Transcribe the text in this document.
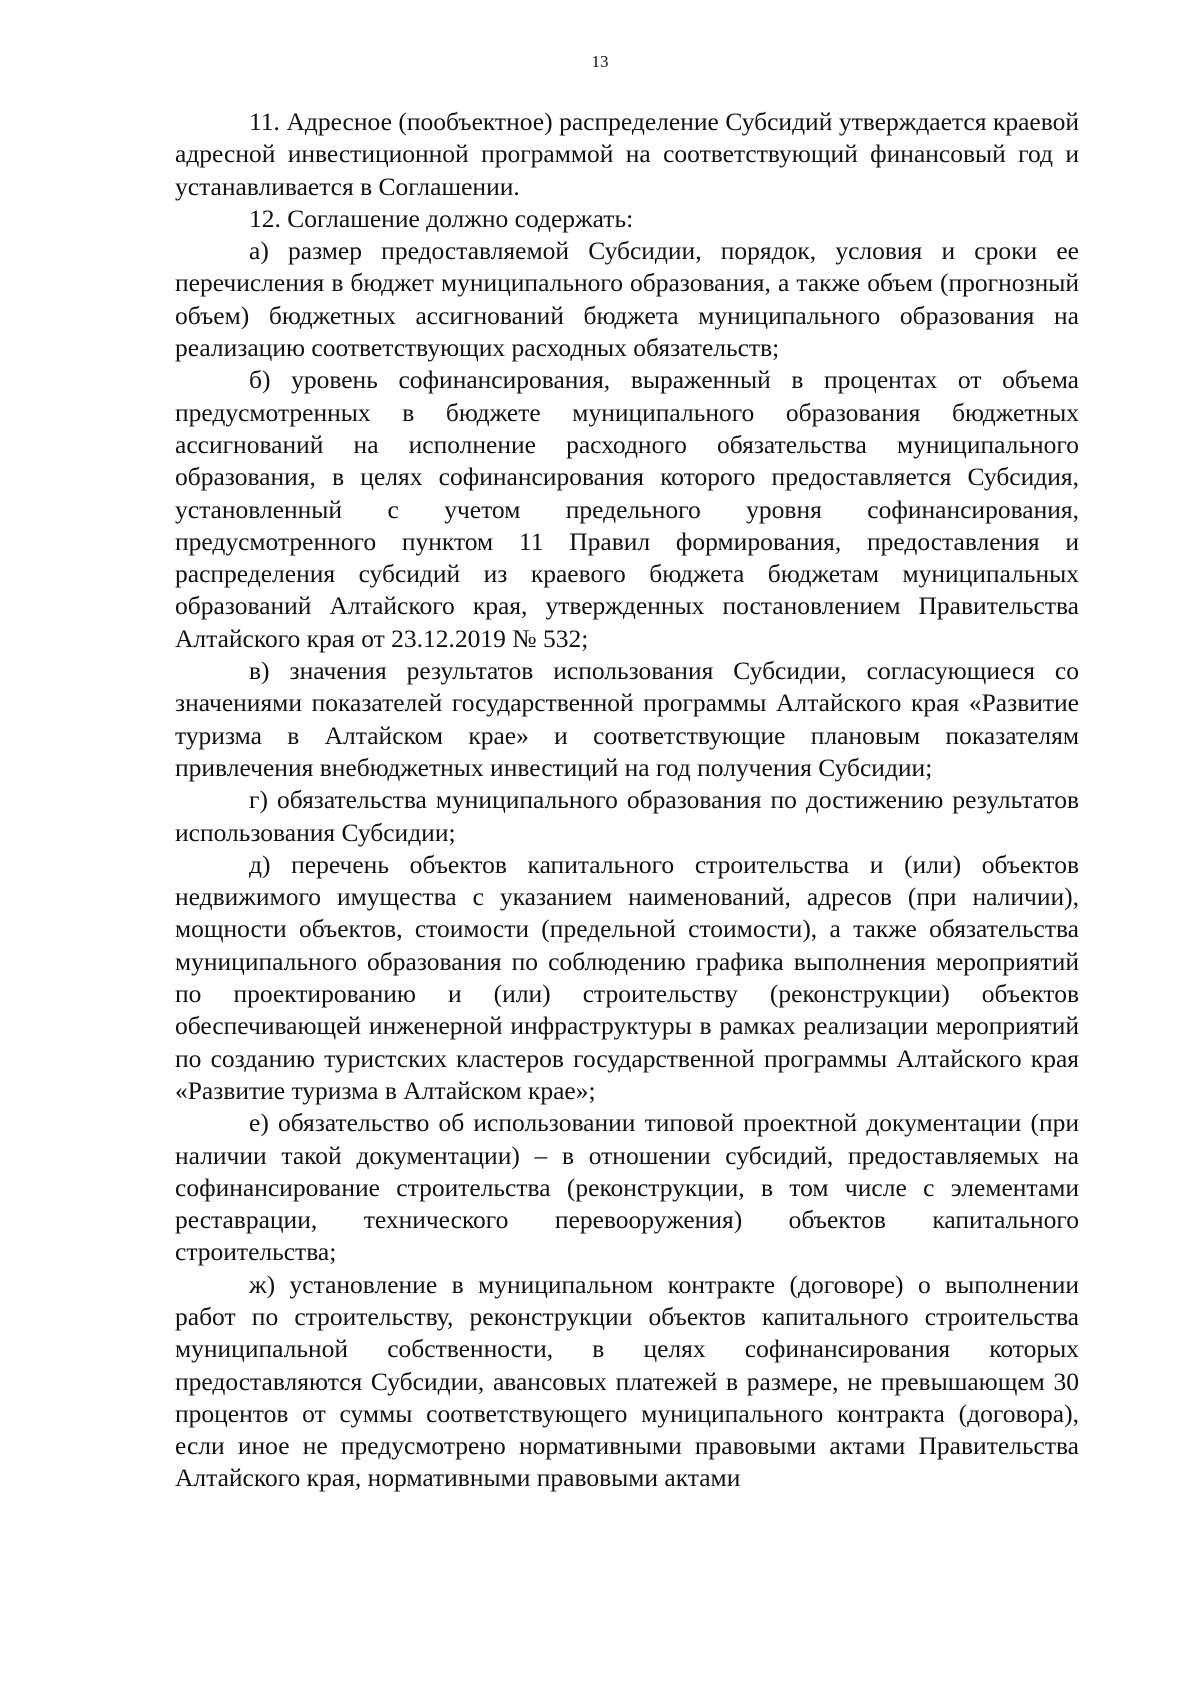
13

11. Адресное (пообъектное) распределение Субсидий утверждается краевой адресной инвестиционной программой на соответствующий финансовый год и устанавливается в Соглашении.

12. Соглашение должно содержать:

а) размер предоставляемой Субсидии, порядок, условия и сроки ее перечисления в бюджет муниципального образования, а также объем (прогнозный объем) бюджетных ассигнований бюджета муниципального образования на реализацию соответствующих расходных обязательств;

б) уровень софинансирования, выраженный в процентах от объема предусмотренных в бюджете муниципального образования бюджетных ассигнований на исполнение расходного обязательства муниципального образования, в целях софинансирования которого предоставляется Субсидия, установленный с учетом предельного уровня софинансирования, предусмотренного пунктом 11 Правил формирования, предоставления и распределения субсидий из краевого бюджета бюджетам муниципальных образований Алтайского края, утвержденных постановлением Правительства Алтайского края от 23.12.2019 № 532;

в) значения результатов использования Субсидии, согласующиеся со значениями показателей государственной программы Алтайского края «Развитие туризма в Алтайском крае» и соответствующие плановым показателям привлечения внебюджетных инвестиций на год получения Субсидии;

г) обязательства муниципального образования по достижению результатов использования Субсидии;

д) перечень объектов капитального строительства и (или) объектов недвижимого имущества с указанием наименований, адресов (при наличии), мощности объектов, стоимости (предельной стоимости), а также обязательства муниципального образования по соблюдению графика выполнения мероприятий по проектированию и (или) строительству (реконструкции) объектов обеспечивающей инженерной инфраструктуры в рамках реализации мероприятий по созданию туристских кластеров государственной программы Алтайского края «Развитие туризма в Алтайском крае»;

е) обязательство об использовании типовой проектной документации (при наличии такой документации) – в отношении субсидий, предоставляемых на софинансирование строительства (реконструкции, в том числе с элементами реставрации, технического перевооружения) объектов капитального строительства;

ж) установление в муниципальном контракте (договоре) о выполнении работ по строительству, реконструкции объектов капитального строительства муниципальной собственности, в целях софинансирования которых предоставляются Субсидии, авансовых платежей в размере, не превышающем 30 процентов от суммы соответствующего муниципального контракта (договора), если иное не предусмотрено нормативными правовыми актами Правительства Алтайского края, нормативными правовыми актами
